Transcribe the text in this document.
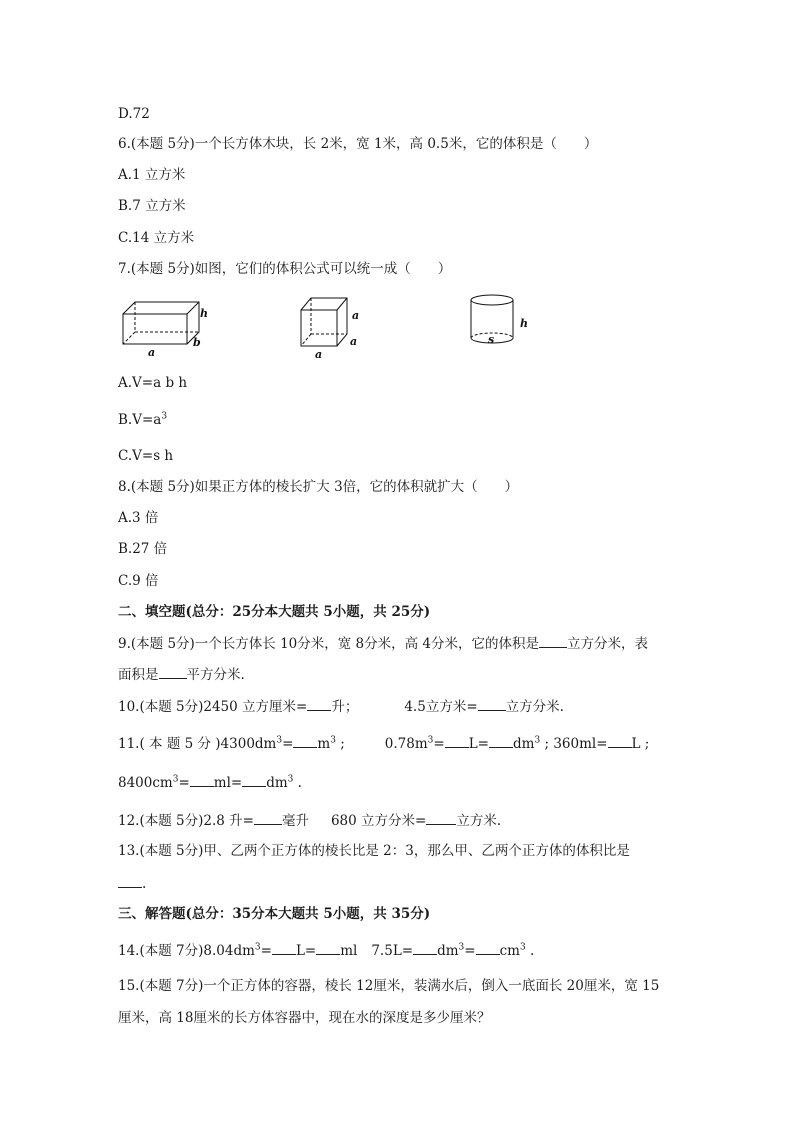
D.72
6.(本题 5分)一个长方体木块，长 2米，宽 1米，高 0.5米，它的体积是（　　）
A.1 立方米
B.7 立方米
C.14 立方米
7.(本题 5分)如图，它们的体积公式可以统一成（　　）
a
b
h
a
a
a	s
h
A.V=a b h
$B.V=a^3$
C.V=s h
8.(本题 5分)如果正方体的棱长扩大 3倍，它的体积就扩大（　　）
A.3 倍
B.27 倍
C.9 倍
二、填空题(总分：25分本大题共 5小题，共 25分)
9.(本题 5分)一个长方体长 10分米，宽 8分米，高 4分米，它的体积是 立方分米，表
面积是 平方分米.
10.(本题 5分)2450 立方厘米= 升；	4.5立方米= 立方分米.
11.( 本 题 5 分 )$4300dm^3= m^3$ ;	$0.78m^3= L= dm^3$ ; 360ml= L ;
$8400cm^3= ml= dm^3$ .
12.(本题 5分)2.8 升= 毫升 680 立方分米= 立方米.
13.(本题 5分)甲、乙两个正方体的棱长比是 2：3，那么甲、乙两个正方体的体积比是
.
三、解答题(总分：35分本大题共 5小题，共 35分)
14.(本题 7分)$8.04dm^3= L=$ ml $7.5L= dm^3= cm^3$ .
15.(本题 7分)一个正方体的容器，棱长 12厘米，装满水后，倒入一底面长 20厘米，宽 15
厘米，高 18厘米的长方体容器中，现在水的深度是多少厘米？
